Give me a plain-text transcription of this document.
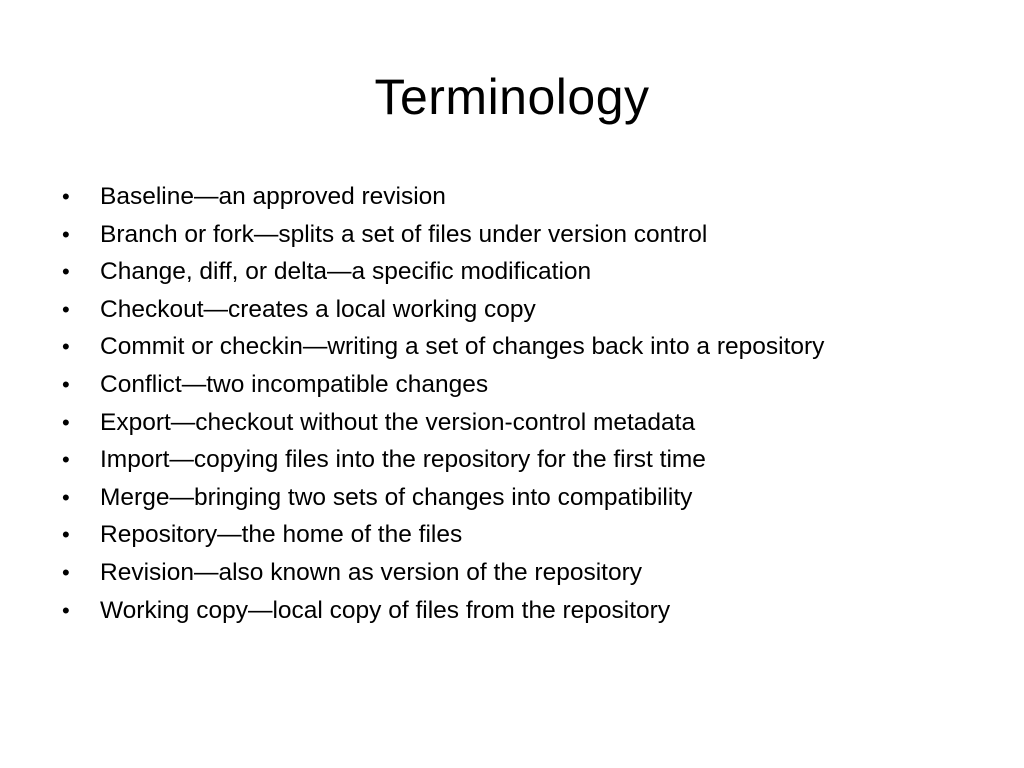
Terminology
•	Baseline—an approved revision
•	Branch or fork—splits a set of files under version control
•	Change, diff, or delta—a specific modification
•	Checkout—creates a local working copy
•	Commit or checkin—writing a set of changes back into a repository
•	Conflict—two incompatible changes
•	Export—checkout without the version-control metadata
•	Import—copying files into the repository for the first time
•	Merge—bringing two sets of changes into compatibility
•	Repository—the home of the files
•	Revision—also known as version of the repository
•	Working copy—local copy of files from the repository
